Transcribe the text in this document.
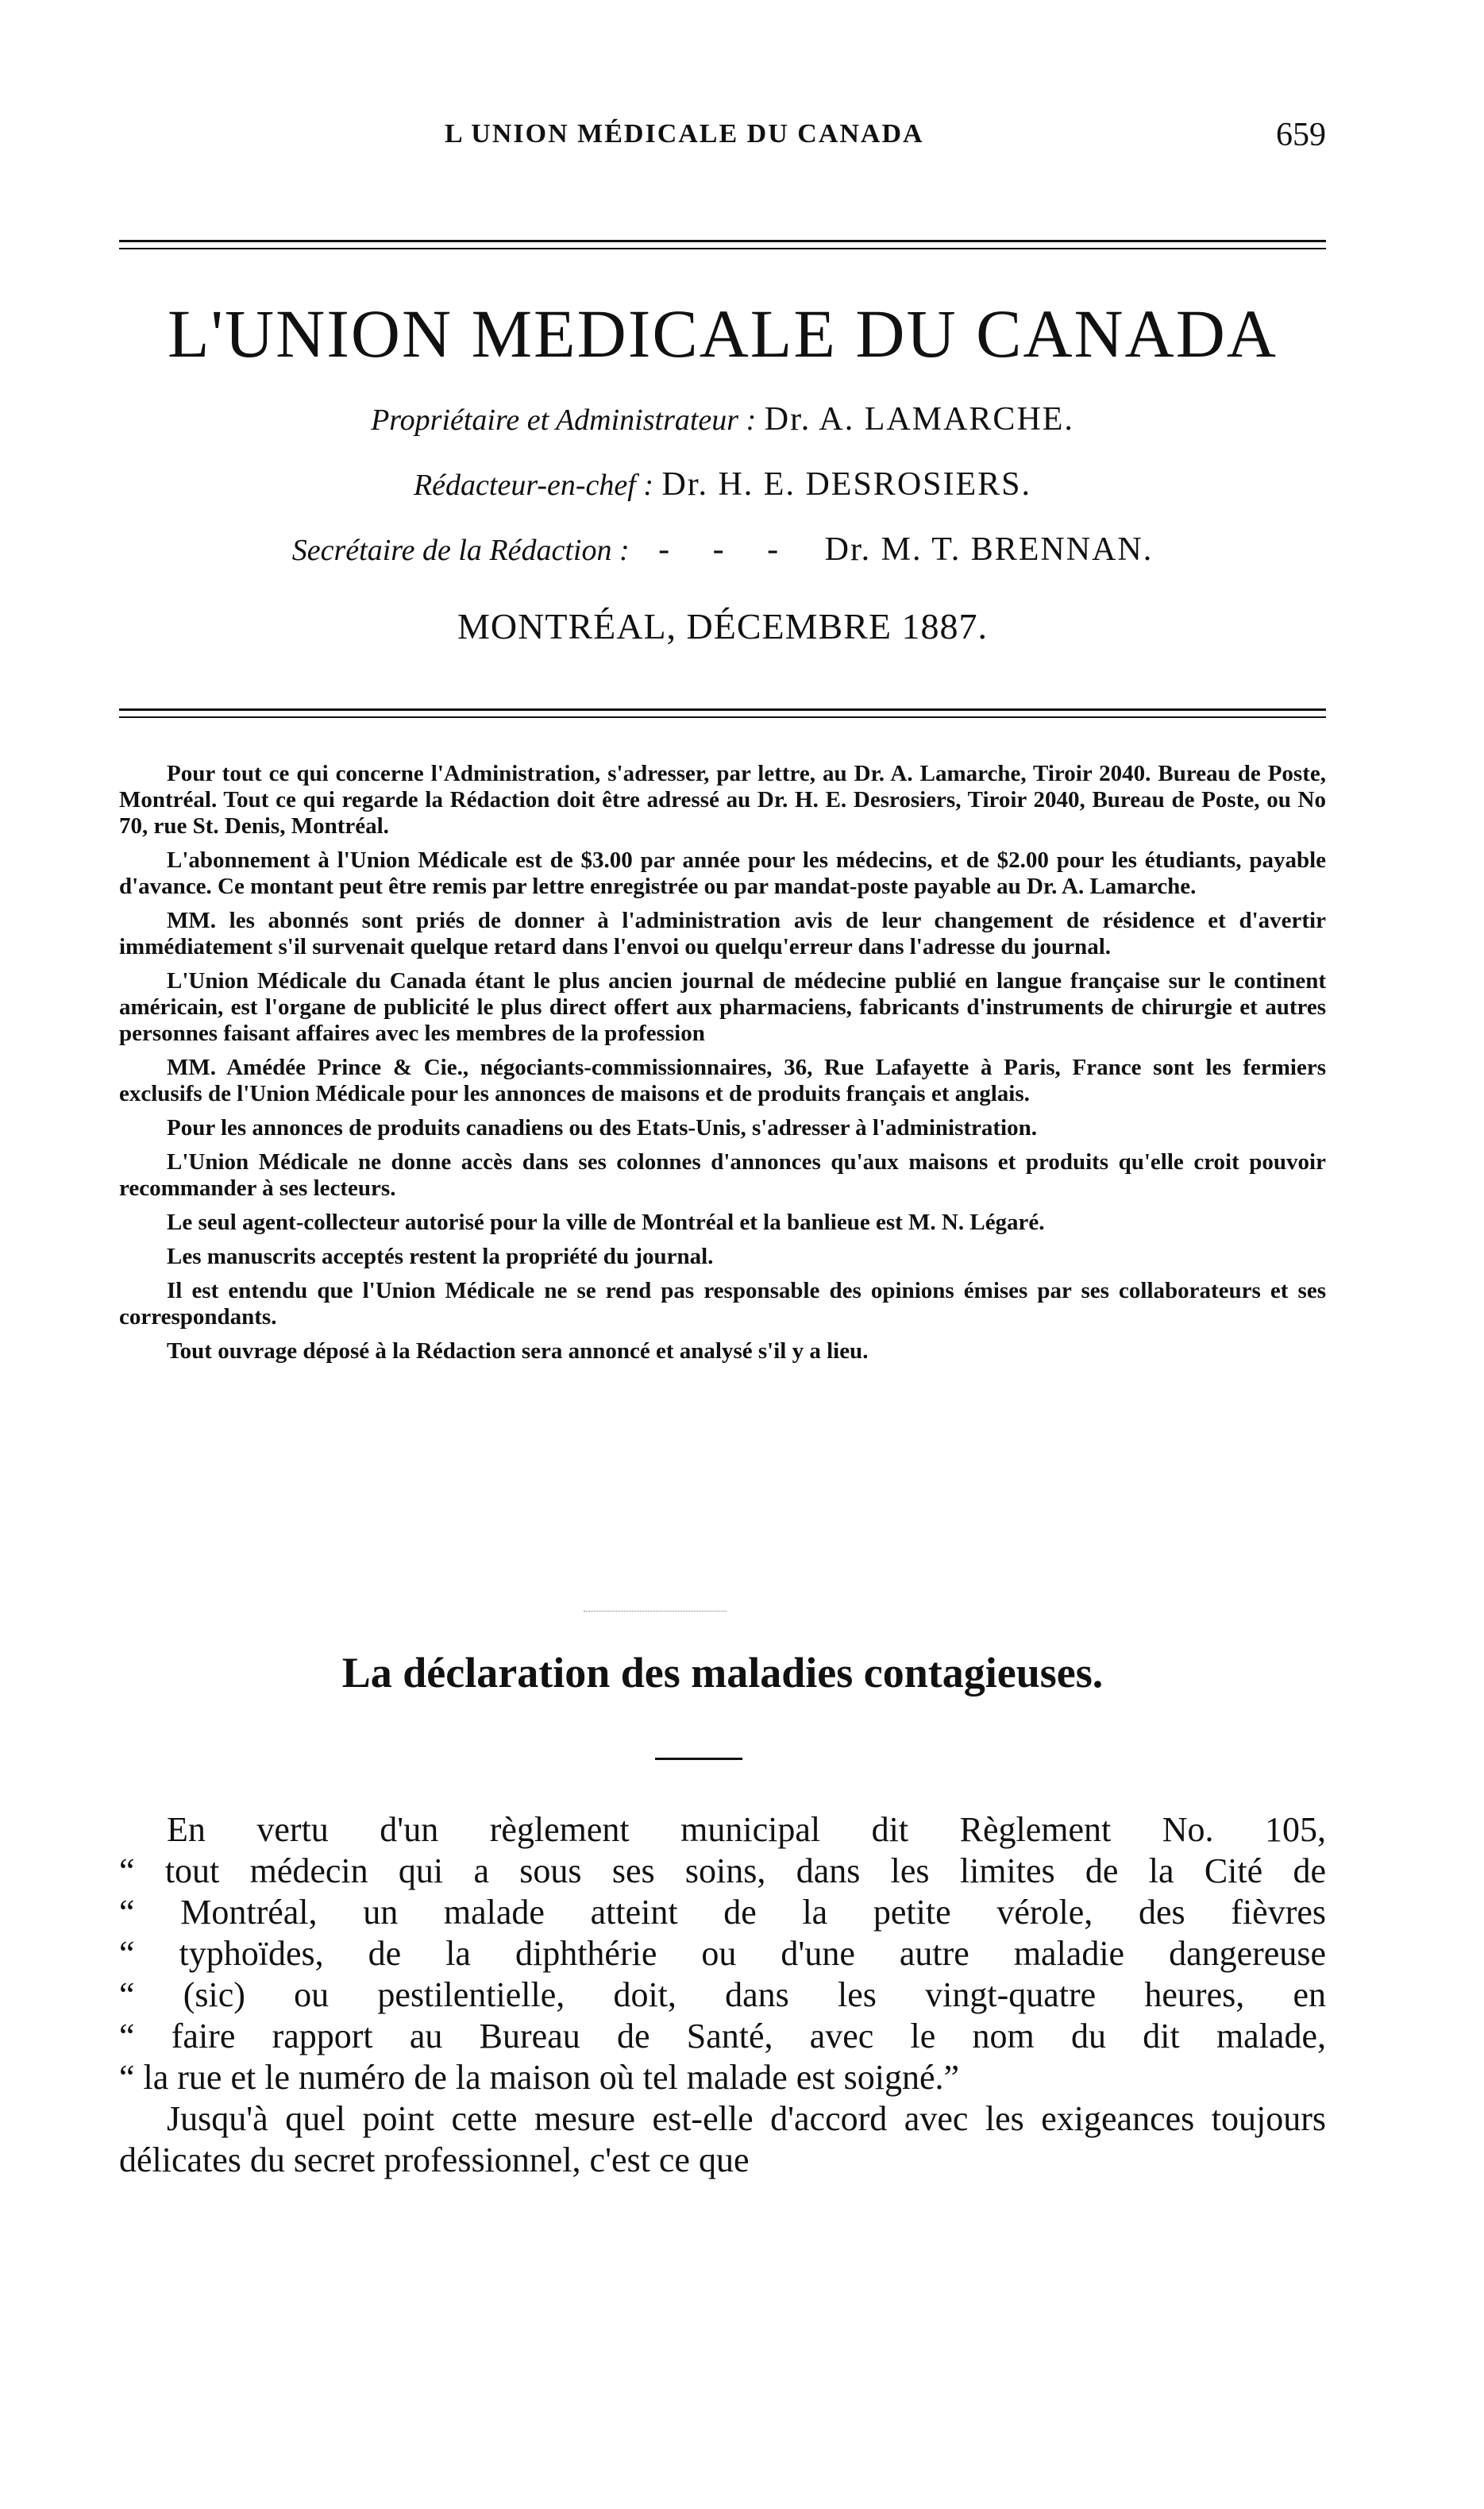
L UNION MÉDICALE DU CANADA	659
L'UNION MEDICALE DU CANADA
Propriétaire et Administrateur : Dr. A. LAMARCHE.
Rédacteur-en-chef : Dr. H. E. DESROSIERS.
Secrétaire de la Rédaction : - - - Dr. M. T. BRENNAN.
MONTRÉAL, DÉCEMBRE 1887.

Pour tout ce qui concerne l'Administration, s'adresser, par lettre, au Dr. A. Lamarche, Tiroir 2040. Bureau de Poste, Montréal. Tout ce qui regarde la Rédaction doit être adressé au Dr. H. E. Desrosiers, Tiroir 2040, Bureau de Poste, ou No 70, rue St. Denis, Montréal.

L'abonnement à l'Union Médicale est de $3.00 par année pour les médecins, et de $2.00 pour les étudiants, payable d'avance. Ce montant peut être remis par lettre enregistrée ou par mandat-poste payable au Dr. A. Lamarche.

MM. les abonnés sont priés de donner à l'administration avis de leur changement de résidence et d'avertir immédiatement s'il survenait quelque retard dans l'envoi ou quelqu'erreur dans l'adresse du journal.

L'Union Médicale du Canada étant le plus ancien journal de médecine publié en langue française sur le continent américain, est l'organe de publicité le plus direct offert aux pharmaciens, fabricants d'instruments de chirurgie et autres personnes faisant affaires avec les membres de la profession

MM. Amédée Prince & Cie., négociants-commissionnaires, 36, Rue Lafayette à Paris, France sont les fermiers exclusifs de l'Union Médicale pour les annonces de maisons et de produits français et anglais.

Pour les annonces de produits canadiens ou des Etats-Unis, s'adresser à l'administration.

L'Union Médicale ne donne accès dans ses colonnes d'annonces qu'aux maisons et produits qu'elle croit pouvoir recommander à ses lecteurs.

Le seul agent-collecteur autorisé pour la ville de Montréal et la banlieue est M. N. Légaré.

Les manuscrits acceptés restent la propriété du journal.

Il est entendu que l'Union Médicale ne se rend pas responsable des opinions émises par ses collaborateurs et ses correspondants.

Tout ouvrage déposé à la Rédaction sera annoncé et analysé s'il y a lieu.

La déclaration des maladies contagieuses.
En vertu d'un règlement municipal dit Règlement No. 105,
“ tout médecin qui a sous ses soins, dans les limites de la Cité de
“ Montréal, un malade atteint de la petite vérole, des fièvres
“ typhoïdes, de la diphthérie ou d'une autre maladie dangereuse
“ (sic) ou pestilentielle, doit, dans les vingt-quatre heures, en
“ faire rapport au Bureau de Santé, avec le nom du dit malade,
“ la rue et le numéro de la maison où tel malade est soigné.”

Jusqu'à quel point cette mesure est-elle d'accord avec les exigeances toujours délicates du secret professionnel, c'est ce que
